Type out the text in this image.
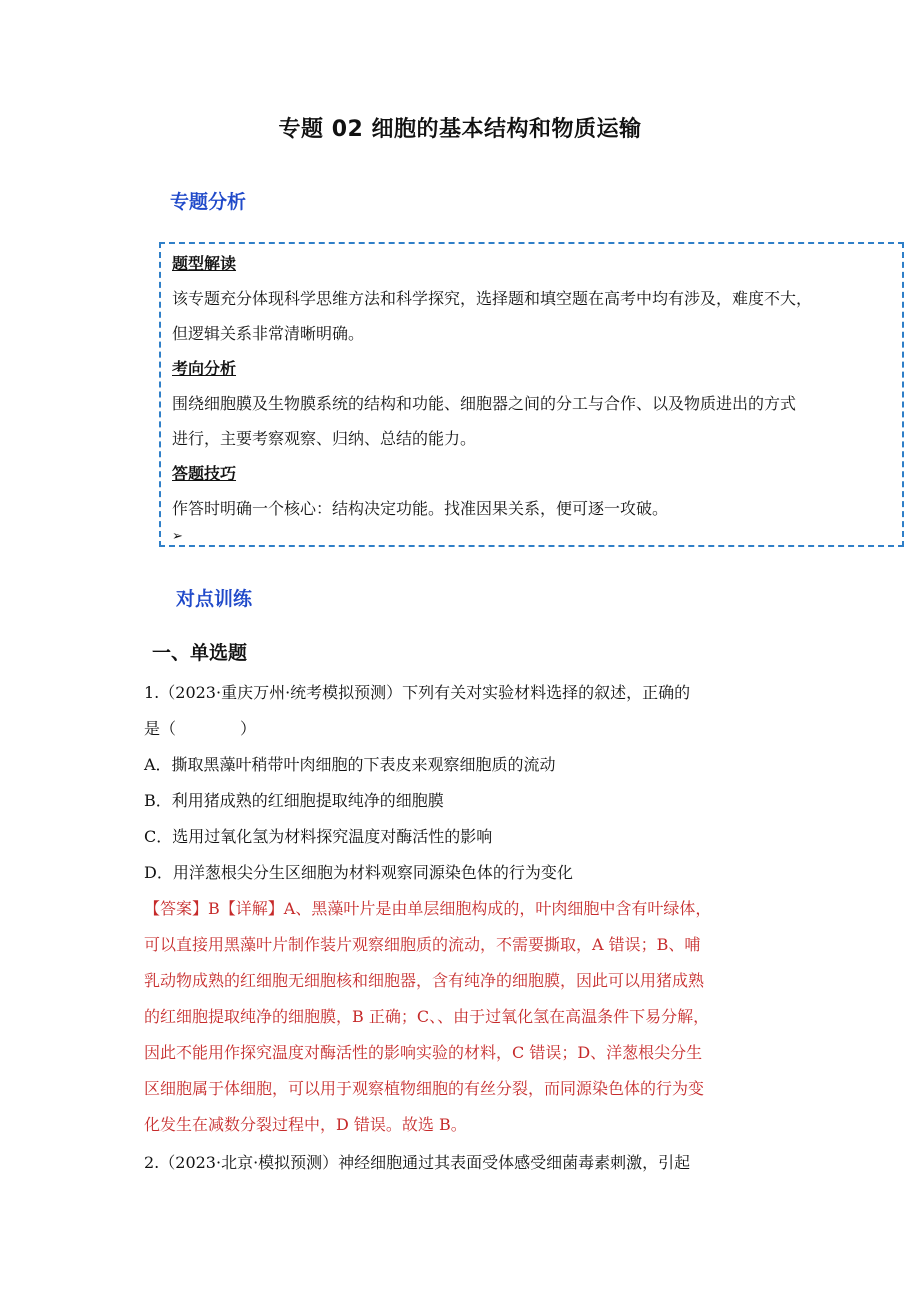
专题 02 细胞的基本结构和物质运输
专题分析
题型解读
该专题充分体现科学思维方法和科学探究，选择题和填空题在高考中均有涉及，难度不大，
但逻辑关系非常清晰明确。
考向分析
围绕细胞膜及生物膜系统的结构和功能、细胞器之间的分工与合作、以及物质进出的方式
进行，主要考察观察、归纳、总结的能力。
答题技巧
作答时明确一个核心：结构决定功能。找准因果关系，便可逐一攻破。
➢
对点训练
一、单选题
1.（2023·重庆万州·统考模拟预测）下列有关对实验材料选择的叙述，正确的
是（　　　　）
A．撕取黑藻叶稍带叶肉细胞的下表皮来观察细胞质的流动
B．利用猪成熟的红细胞提取纯净的细胞膜
C．选用过氧化氢为材料探究温度对酶活性的影响
D．用洋葱根尖分生区细胞为材料观察同源染色体的行为变化
【答案】B【详解】A、黑藻叶片是由单层细胞构成的，叶肉细胞中含有叶绿体，
可以直接用黑藻叶片制作装片观察细胞质的流动，不需要撕取，A 错误；B、哺
乳动物成熟的红细胞无细胞核和细胞器，含有纯净的细胞膜，因此可以用猪成熟
的红细胞提取纯净的细胞膜，B 正确；C、、由于过氧化氢在高温条件下易分解，
因此不能用作探究温度对酶活性的影响实验的材料，C 错误；D、洋葱根尖分生
区细胞属于体细胞，可以用于观察植物细胞的有丝分裂，而同源染色体的行为变
化发生在减数分裂过程中，D 错误。故选 B。
2.（2023·北京·模拟预测）神经细胞通过其表面受体感受细菌毒素刺激，引起
